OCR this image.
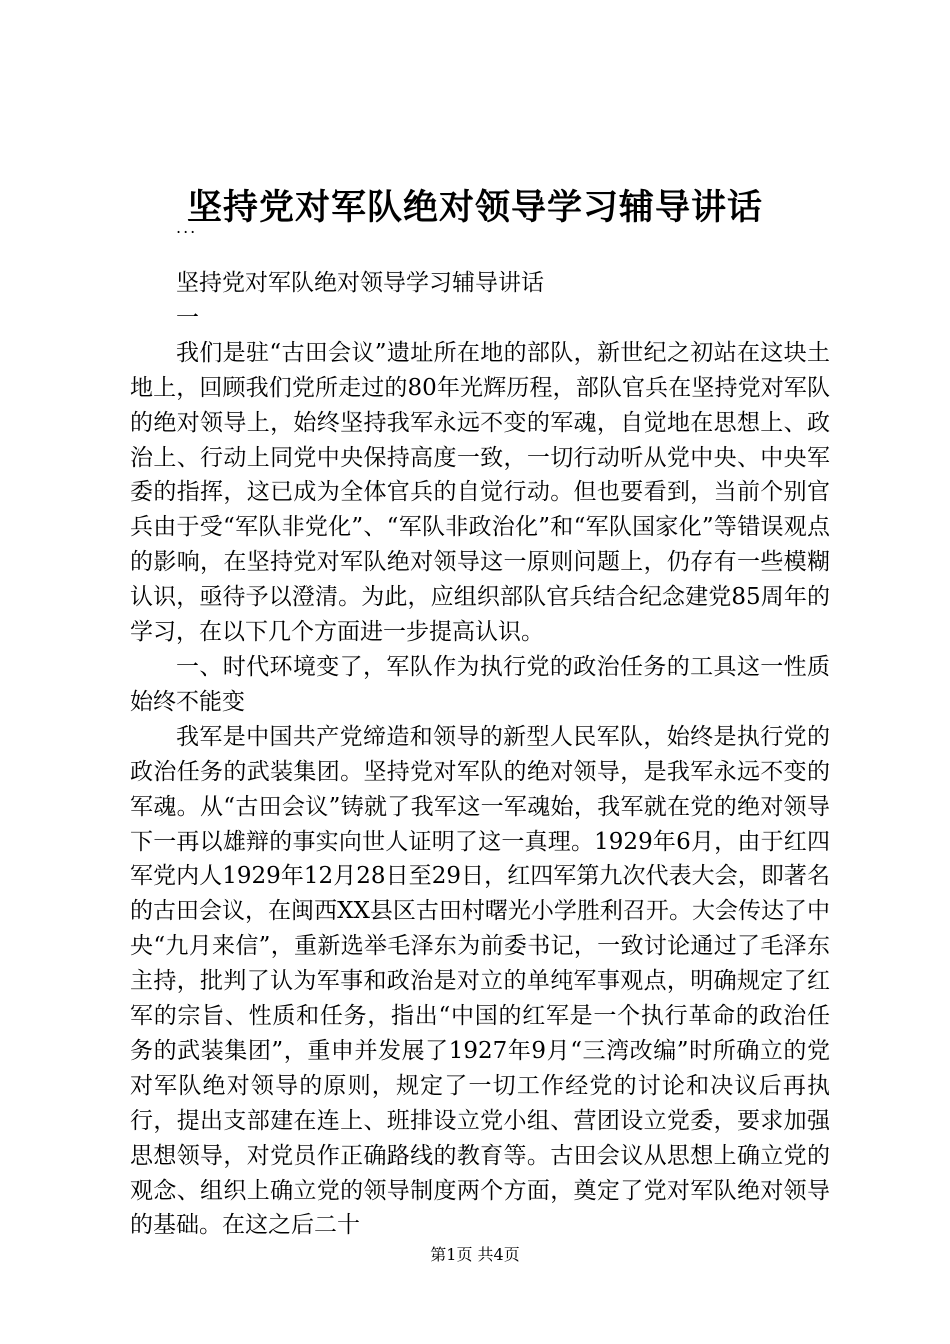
坚持党对军队绝对领导学习辅导讲话
...

坚持党对军队绝对领导学习辅导讲话

一

我们是驻“古田会议”遗址所在地的部队，新世纪之初站在这块土地上，回顾我们党所走过的80年光辉历程，部队官兵在坚持党对军队的绝对领导上，始终坚持我军永远不变的军魂，自觉地在思想上、政治上、行动上同党中央保持高度一致，一切行动听从党中央、中央军委的指挥，这已成为全体官兵的自觉行动。但也要看到，当前个别官兵由于受“军队非党化”、“军队非政治化”和“军队国家化”等错误观点的影响，在坚持党对军队绝对领导这一原则问题上，仍存有一些模糊认识，亟待予以澄清。为此，应组织部队官兵结合纪念建党85周年的学习，在以下几个方面进一步提高认识。

一、时代环境变了，军队作为执行党的政治任务的工具这一性质始终不能变

我军是中国共产党缔造和领导的新型人民军队，始终是执行党的政治任务的武装集团。坚持党对军队的绝对领导，是我军永远不变的军魂。从“古田会议”铸就了我军这一军魂始，我军就在党的绝对领导下一再以雄辩的事实向世人证明了这一真理。1929年6月，由于红四军党内人1929年12月28日至29日，红四军第九次代表大会，即著名的古田会议，在闽西XX县区古田村曙光小学胜利召开。大会传达了中央“九月来信”，重新选举毛泽东为前委书记，一致讨论通过了毛泽东主持，批判了认为军事和政治是对立的单纯军事观点，明确规定了红军的宗旨、性质和任务，指出“中国的红军是一个执行革命的政治任务的武装集团”，重申并发展了1927年9月“三湾改编”时所确立的党对军队绝对领导的原则，规定了一切工作经党的讨论和决议后再执行，提出支部建在连上、班排设立党小组、营团设立党委，要求加强思想领导，对党员作正确路线的教育等。古田会议从思想上确立党的观念、组织上确立党的领导制度两个方面，奠定了党对军队绝对领导的基础。在这之后二十

第1页 共4页
